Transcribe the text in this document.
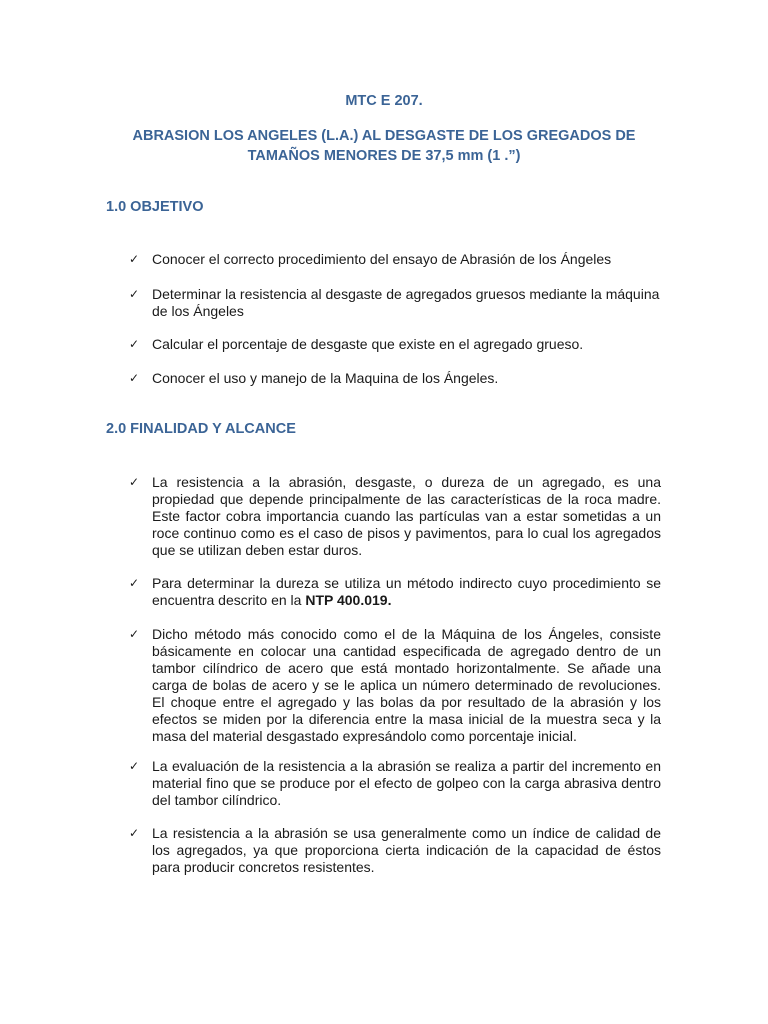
MTC E 207.
ABRASION LOS ANGELES (L.A.) AL DESGASTE DE LOS GREGADOS DE TAMAÑOS MENORES DE 37,5 mm (1 .”)
1.0 OBJETIVO
✓ Conocer el correcto procedimiento del ensayo de Abrasión de los Ángeles
✓ Determinar la resistencia al desgaste de agregados gruesos mediante la máquina de los Ángeles
✓ Calcular el porcentaje de desgaste que existe en el agregado grueso.
✓ Conocer el uso y manejo de la Maquina de los Ángeles.
2.0 FINALIDAD Y ALCANCE
✓ La resistencia a la abrasión, desgaste, o dureza de un agregado, es una propiedad que depende principalmente de las características de la roca madre. Este factor cobra importancia cuando las partículas van a estar sometidas a un roce continuo como es el caso de pisos y pavimentos, para lo cual los agregados que se utilizan deben estar duros.
✓ Para determinar la dureza se utiliza un método indirecto cuyo procedimiento se encuentra descrito en la NTP 400.019.
✓ Dicho método más conocido como el de la Máquina de los Ángeles, consiste básicamente en colocar una cantidad especificada de agregado dentro de un tambor cilíndrico de acero que está montado horizontalmente. Se añade una carga de bolas de acero y se le aplica un número determinado de revoluciones. El choque entre el agregado y las bolas da por resultado de la abrasión y los efectos se miden por la diferencia entre la masa inicial de la muestra seca y la masa del material desgastado expresándolo como porcentaje inicial.
✓ La evaluación de la resistencia a la abrasión se realiza a partir del incremento en material fino que se produce por el efecto de golpeo con la carga abrasiva dentro del tambor cilíndrico.
✓ La resistencia a la abrasión se usa generalmente como un índice de calidad de los agregados, ya que proporciona cierta indicación de la capacidad de éstos para producir concretos resistentes.
